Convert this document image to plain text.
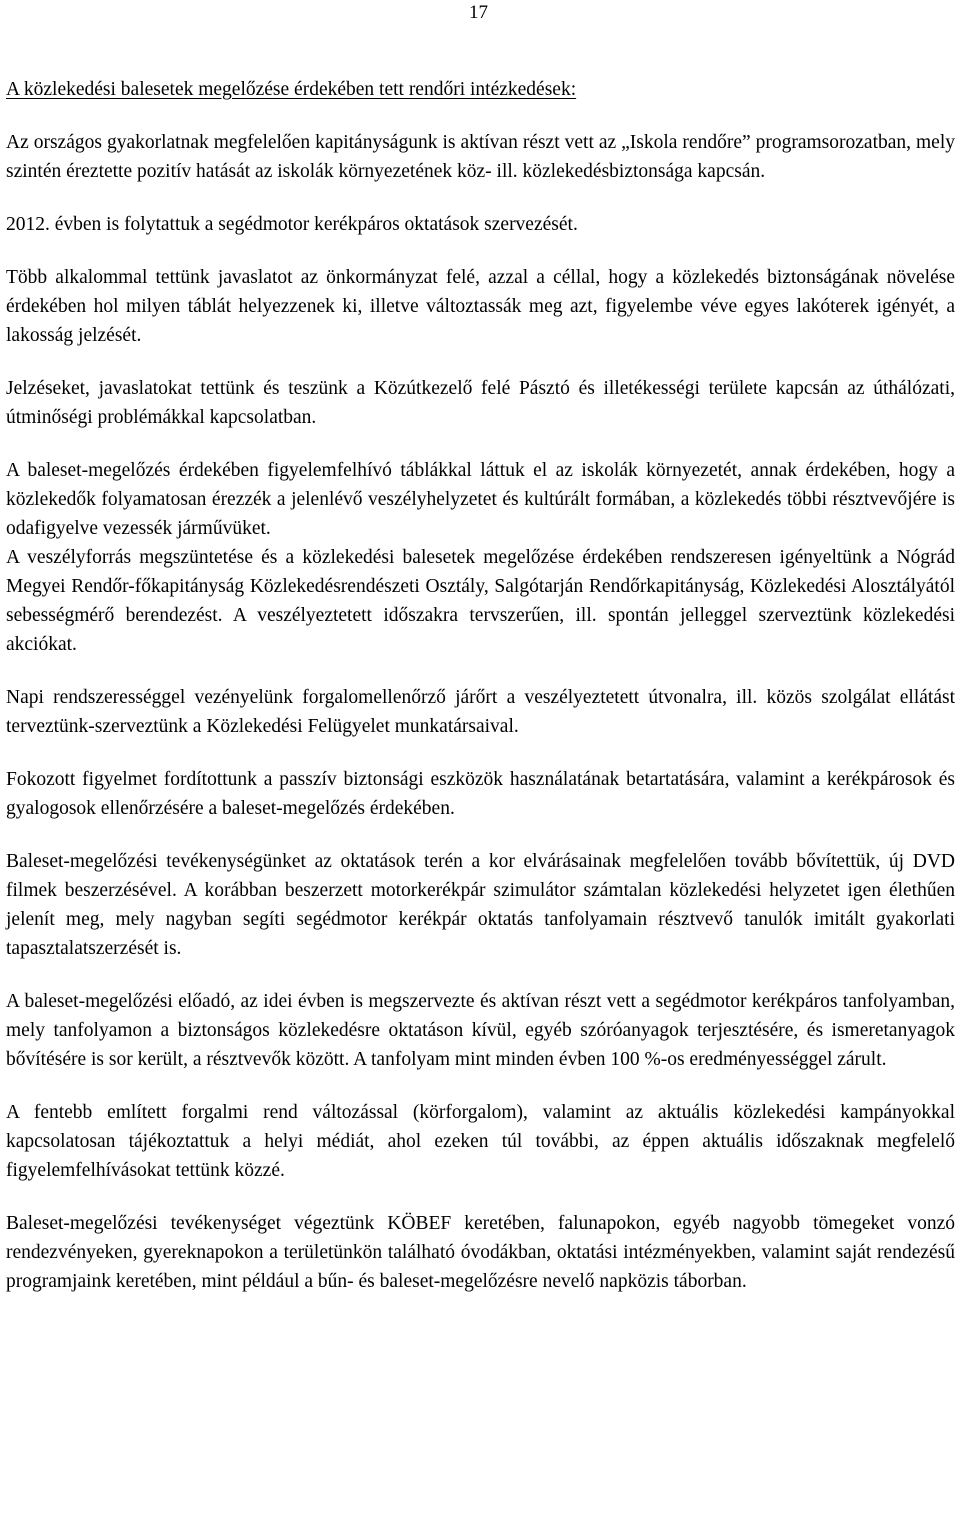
17
A közlekedési balesetek megelőzése érdekében tett rendőri intézkedések:

Az országos gyakorlatnak megfelelően kapitányságunk is aktívan részt vett az „Iskola rendőre” programsorozatban, mely szintén éreztette pozitív hatását az iskolák környezetének köz- ill. közlekedésbiztonsága kapcsán.

2012. évben is folytattuk a segédmotor kerékpáros oktatások szervezését.

Több alkalommal tettünk javaslatot az önkormányzat felé, azzal a céllal, hogy a közlekedés biztonságának növelése érdekében hol milyen táblát helyezzenek ki, illetve változtassák meg azt, figyelembe véve egyes lakóterek igényét, a lakosság jelzését.

Jelzéseket, javaslatokat tettünk és teszünk a Közútkezelő felé Pásztó és illetékességi területe kapcsán az úthálózati, útminőségi problémákkal kapcsolatban.

A baleset-megelőzés érdekében figyelemfelhívó táblákkal láttuk el az iskolák környezetét, annak érdekében, hogy a közlekedők folyamatosan érezzék a jelenlévő veszélyhelyzetet és kultúrált formában, a közlekedés többi résztvevőjére is odafigyelve vezessék járművüket.

A veszélyforrás megszüntetése és a közlekedési balesetek megelőzése érdekében rendszeresen igényeltünk a Nógrád Megyei Rendőr-főkapitányság Közlekedésrendészeti Osztály, Salgótarján Rendőrkapitányság, Közlekedési Alosztályától sebességmérő berendezést. A veszélyeztetett időszakra tervszerűen, ill. spontán jelleggel szerveztünk közlekedési akciókat.

Napi rendszerességgel vezényelünk forgalomellenőrző járőrt a veszélyeztetett útvonalra, ill. közös szolgálat ellátást terveztünk-szerveztünk a Közlekedési Felügyelet munkatársaival.

Fokozott figyelmet fordítottunk a passzív biztonsági eszközök használatának betartatására, valamint a kerékpárosok és gyalogosok ellenőrzésére a baleset-megelőzés érdekében.

Baleset-megelőzési tevékenységünket az oktatások terén a kor elvárásainak megfelelően tovább bővítettük, új DVD filmek beszerzésével. A korábban beszerzett motorkerékpár szimulátor számtalan közlekedési helyzetet igen élethűen jelenít meg, mely nagyban segíti segédmotor kerékpár oktatás tanfolyamain résztvevő tanulók imitált gyakorlati tapasztalatszerzését is.

A baleset-megelőzési előadó, az idei évben is megszervezte és aktívan részt vett a segédmotor kerékpáros tanfolyamban, mely tanfolyamon a biztonságos közlekedésre oktatáson kívül, egyéb szóróanyagok terjesztésére, és ismeretanyagok bővítésére is sor került, a résztvevők között. A tanfolyam mint minden évben 100 %-os eredményességgel zárult.

A fentebb említett forgalmi rend változással (körforgalom), valamint az aktuális közlekedési kampányokkal kapcsolatosan tájékoztattuk a helyi médiát, ahol ezeken túl további, az éppen aktuális időszaknak megfelelő figyelemfelhívásokat tettünk közzé.

Baleset-megelőzési tevékenységet végeztünk KÖBEF keretében, falunapokon, egyéb nagyobb tömegeket vonzó rendezvényeken, gyereknapokon a területünkön található óvodákban, oktatási intézményekben, valamint saját rendezésű programjaink keretében, mint például a bűn- és baleset-megelőzésre nevelő napközis táborban.
